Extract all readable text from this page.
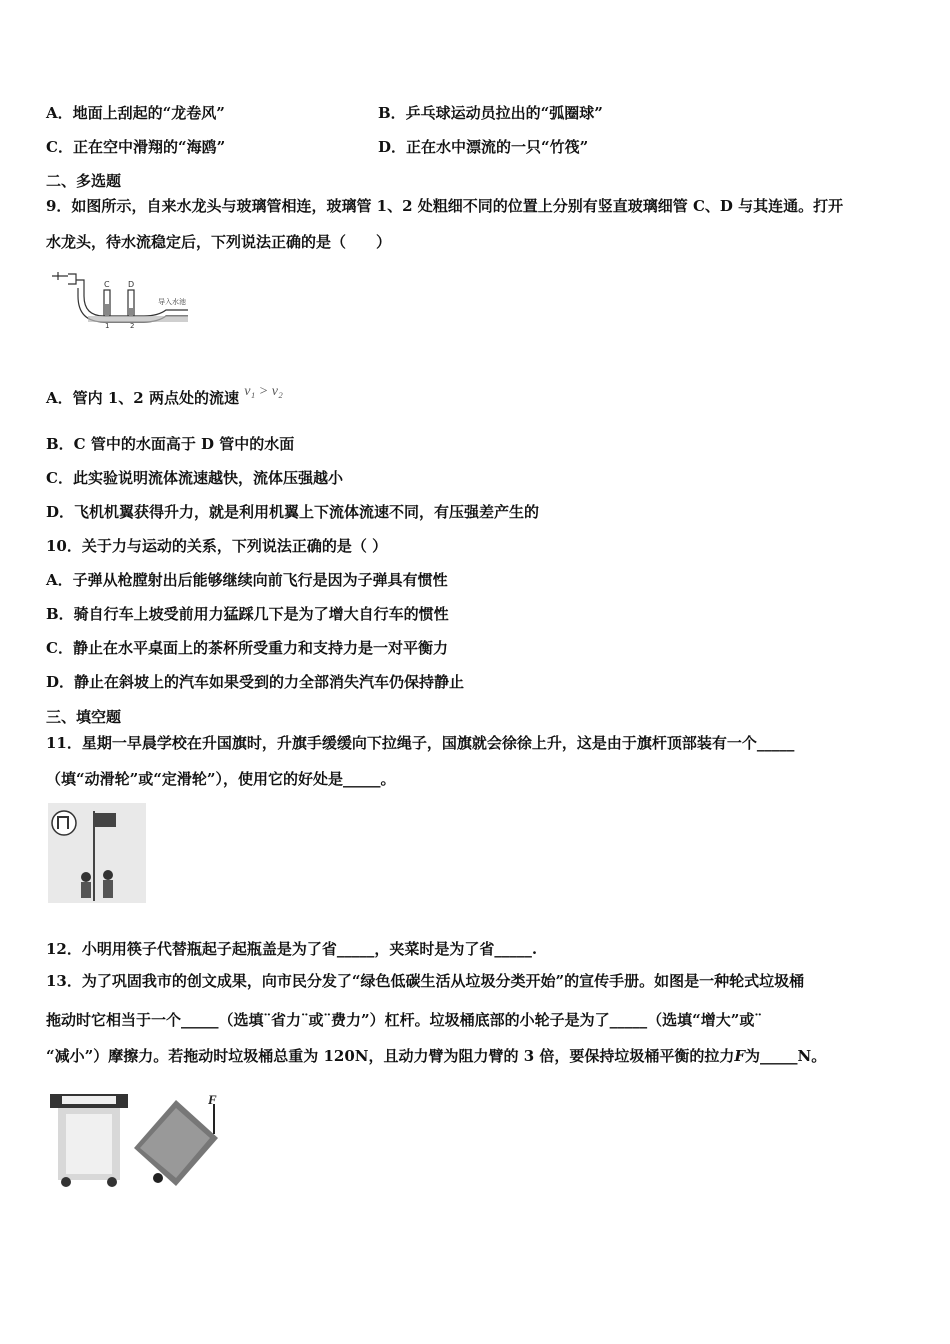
A．地面上刮起的“龙卷风”	B．乒乓球运动员拉出的“弧圈球”
C．正在空中滑翔的“海鸥”	D．正在水中漂流的一只“竹筏”
二、多选题
9．如图所示，自来水龙头与玻璃管相连，玻璃管 1、2 处粗细不同的位置上分别有竖直玻璃细管 C、D 与其连通。打开
水龙头，待水流稳定后，下列说法正确的是（　　）
C D
1	2
导入水池
A．管内 1、2 两点处的流速 v₁ > v₂
B．C 管中的水面高于 D 管中的水面
C．此实验说明流体流速越快，流体压强越小
D．飞机机翼获得升力，就是利用机翼上下流体流速不同，有压强差产生的
10．关于力与运动的关系，下列说法正确的是（ ）
A．子弹从枪膛射出后能够继续向前飞行是因为子弹具有惯性
B．骑自行车上坡受前用力猛踩几下是为了增大自行车的惯性
C．静止在水平桌面上的茶杯所受重力和支持力是一对平衡力
D．静止在斜坡上的汽车如果受到的力全部消失汽车仍保持静止
三、填空题
11．星期一早晨学校在升国旗时，升旗手缓缓向下拉绳子，国旗就会徐徐上升，这是由于旗杆顶部装有一个_____
（填“动滑轮”或“定滑轮”），使用它的好处是_____。
12．小明用筷子代替瓶起子起瓶盖是为了省_____，夹菜时是为了省_____.
13．为了巩固我市的创文成果，向市民分发了“绿色低碳生活从垃圾分类开始”的宣传手册。如图是一种轮式垃圾桶
拖动时它相当于一个_____（选填¨省力¨或¨费力”）杠杆。垃圾桶底部的小轮子是为了_____（选填“增大”或¨
“减小”）摩擦力。若拖动时垃圾桶总重为 120N，且动力臂为阻力臂的 3 倍，要保持垃圾桶平衡的拉力F为_____N。
F
